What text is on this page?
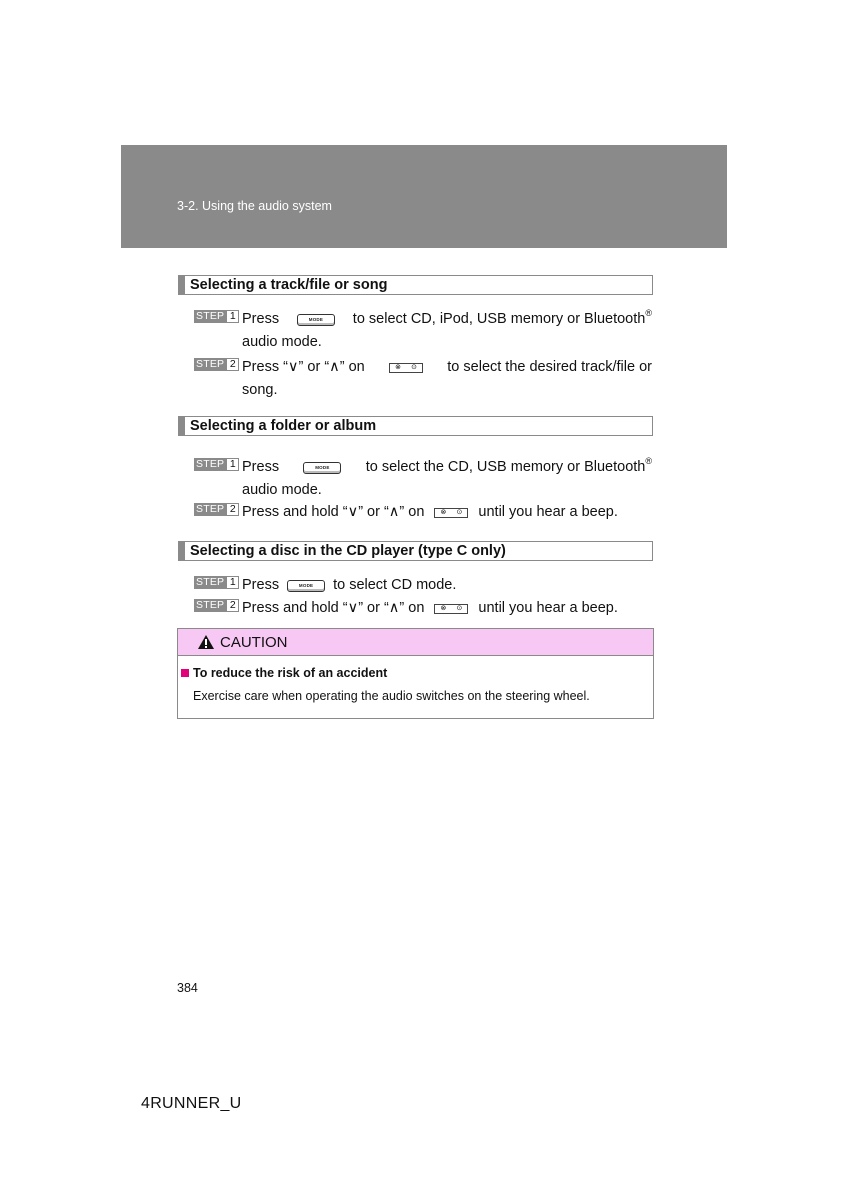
3-2. Using the audio system
Selecting a track/file or song
STEP 1 Press	MODE	to select CD, iPod, USB memory or Bluetooth®
audio mode.
STEP 2 Press “∨” or “∧” on	⊗ ⊙ to select the desired track/file or
song.
Selecting a folder or album
STEP 1 Press	MODE	to select the CD, USB memory or Bluetooth®
audio mode.
STEP 2 Press and hold “∨” or “∧” on ⊗ ⊙ until you hear a beep.
Selecting a disc in the CD player (type C only)
STEP 1 Press	MODE	to select CD mode.
STEP 2 Press and hold “∨” or “∧” on ⊗ ⊙ until you hear a beep.
CAUTION
To reduce the risk of an accident
Exercise care when operating the audio switches on the steering wheel.
384
4RUNNER_U
